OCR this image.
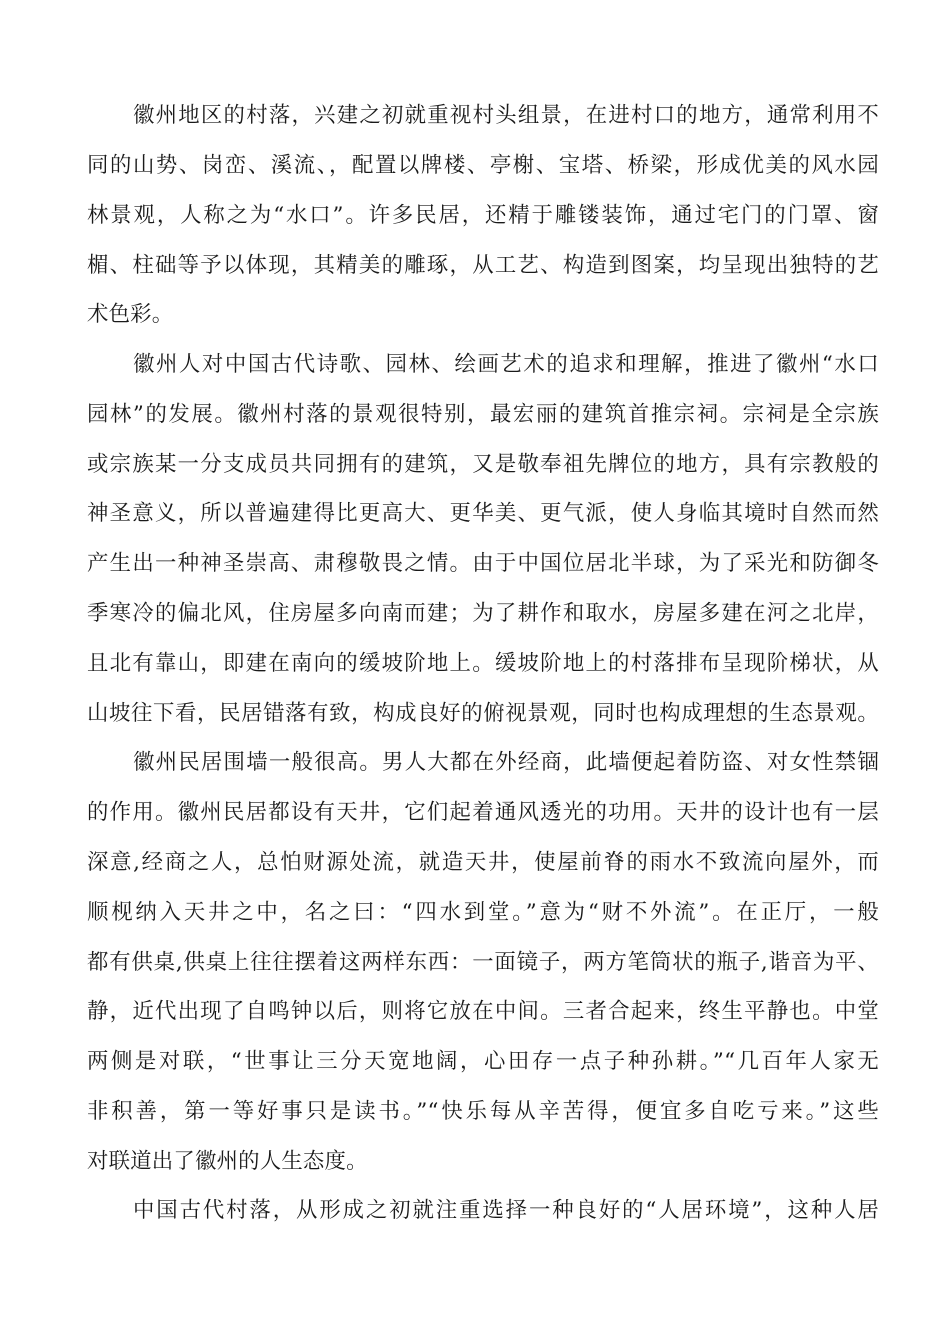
徽州地区的村落，兴建之初就重视村头组景，在进村口的地方，通常利用不
同的山势、岗峦、溪流、，配置以牌楼、亭榭、宝塔、桥梁，形成优美的风水园
林景观，人称之为“水口”。许多民居，还精于雕镂装饰，通过宅门的门罩、窗
楣、柱础等予以体现，其精美的雕琢，从工艺、构造到图案，均呈现出独特的艺
术色彩。
徽州人对中国古代诗歌、园林、绘画艺术的追求和理解，推进了徽州“水口
园林”的发展。徽州村落的景观很特别，最宏丽的建筑首推宗祠。宗祠是全宗族
或宗族某一分支成员共同拥有的建筑，又是敬奉祖先牌位的地方，具有宗教般的
神圣意义，所以普遍建得比更高大、更华美、更气派，使人身临其境时自然而然
产生出一种神圣崇高、肃穆敬畏之情。由于中国位居北半球，为了采光和防御冬
季寒冷的偏北风，住房屋多向南而建；为了耕作和取水，房屋多建在河之北岸，
且北有靠山，即建在南向的缓坡阶地上。缓坡阶地上的村落排布呈现阶梯状，从
山坡往下看，民居错落有致，构成良好的俯视景观，同时也构成理想的生态景观。
徽州民居围墙一般很高。男人大都在外经商，此墙便起着防盗、对女性禁锢
的作用。徽州民居都设有天井，它们起着通风透光的功用。天井的设计也有一层
深意,经商之人，总怕财源处流，就造天井，使屋前脊的雨水不致流向屋外，而
顺枧纳入天井之中，名之曰：“四水到堂。”意为“财不外流”。在正厅，一般
都有供桌,供桌上往往摆着这两样东西：一面镜子，两方笔筒状的瓶子,谐音为平、
静，近代出现了自鸣钟以后，则将它放在中间。三者合起来，终生平静也。中堂
两侧是对联，“世事让三分天宽地阔，心田存一点子种孙耕。”“几百年人家无
非积善，第一等好事只是读书。”“快乐每从辛苦得，便宜多自吃亏来。”这些
对联道出了徽州的人生态度。
中国古代村落，从形成之初就注重选择一种良好的“人居环境”，这种人居
